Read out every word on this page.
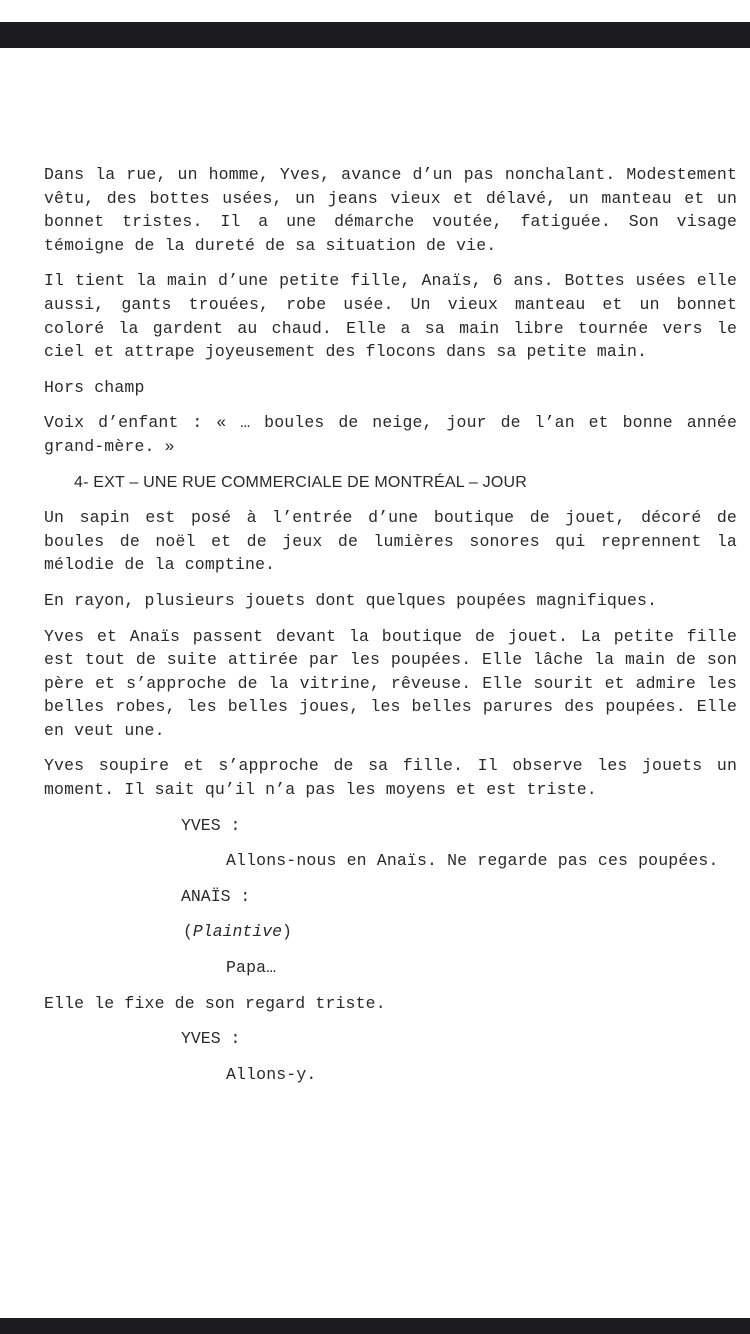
Dans la rue, un homme, Yves, avance d’un pas nonchalant. Modestement vêtu, des bottes usées, un jeans vieux et délavé, un manteau et un bonnet tristes. Il a une démarche voutée, fatiguée. Son visage témoigne de la dureté de sa situation de vie.

Il tient la main d’une petite fille, Anaïs, 6 ans. Bottes usées elle aussi, gants trouées, robe usée. Un vieux manteau et un bonnet coloré la gardent au chaud. Elle a sa main libre tournée vers le ciel et attrape joyeusement des flocons dans sa petite main.

Hors champ

Voix d’enfant : « … boules de neige, jour de l’an et bonne année grand-mère. »

4- EXT – UNE RUE COMMERCIALE DE MONTRÉAL – JOUR

Un sapin est posé à l’entrée d’une boutique de jouet, décoré de boules de noël et de jeux de lumières sonores qui reprennent la mélodie de la comptine.

En rayon, plusieurs jouets dont quelques poupées magnifiques.

Yves et Anaïs passent devant la boutique de jouet. La petite fille est tout de suite attirée par les poupées. Elle lâche la main de son père et s’approche de la vitrine, rêveuse. Elle sourit et admire les belles robes, les belles joues, les belles parures des poupées. Elle en veut une.

Yves soupire et s’approche de sa fille. Il observe les jouets un moment. Il sait qu’il n’a pas les moyens et est triste.

YVES :

Allons-nous en Anaïs. Ne regarde pas ces poupées.

ANAÏS :

(Plaintive)

Papa…

Elle le fixe de son regard triste.

YVES :

Allons-y.
